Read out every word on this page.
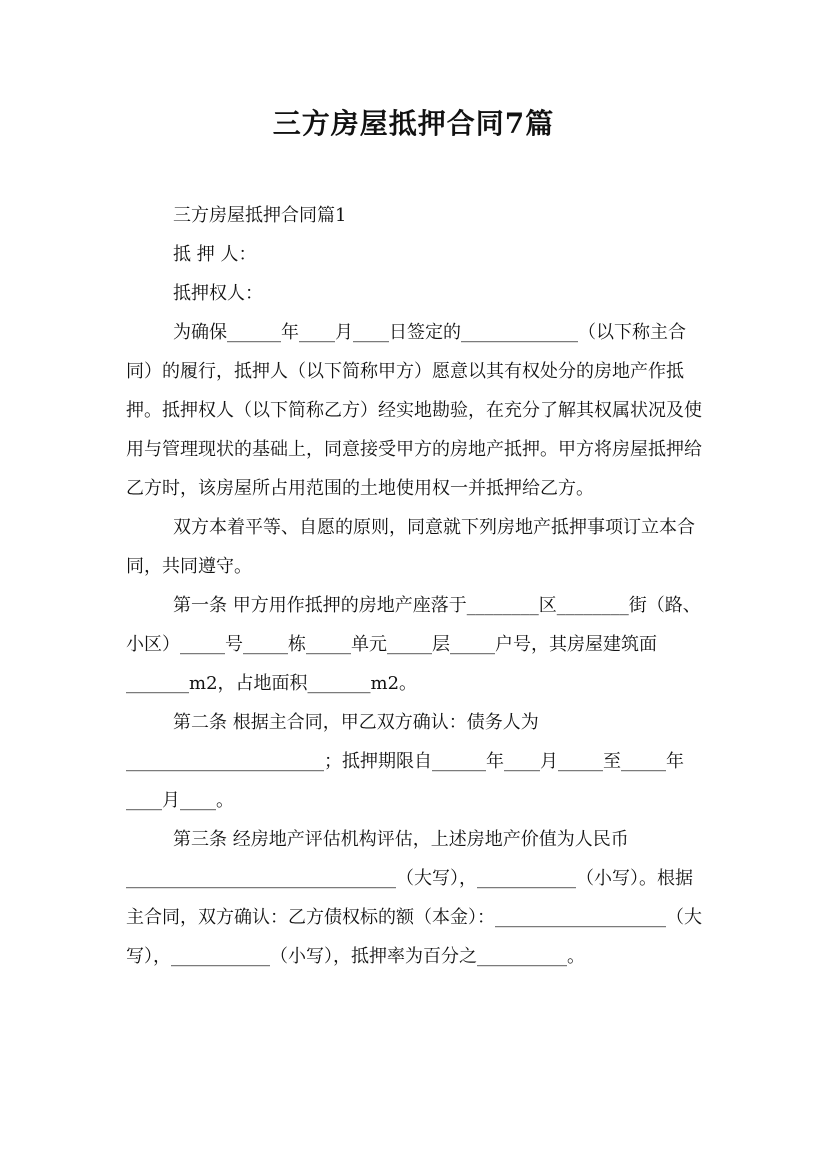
三方房屋抵押合同7篇

三方房屋抵押合同篇1

抵 押 人：

抵押权人：

为确保______年____月____日签定的_____________（以下称主合同）的履行，抵押人（以下简称甲方）愿意以其有权处分的房地产作抵押。抵押权人（以下简称乙方）经实地勘验，在充分了解其权属状况及使用与管理现状的基础上，同意接受甲方的房地产抵押。甲方将房屋抵押给乙方时，该房屋所占用范围的土地使用权一并抵押给乙方。

双方本着平等、自愿的原则，同意就下列房地产抵押事项订立本合同，共同遵守。

第一条 甲方用作抵押的房地产座落于________区________街（路、小区）_____号_____栋_____单元_____层_____户号，其房屋建筑面_______m2，占地面积_______m2。

第二条 根据主合同，甲乙双方确认：债务人为______________________；抵押期限自______年____月_____至_____年____月____。

第三条 经房地产评估机构评估，上述房地产价值为人民币______________________________（大写），___________（小写）。根据主合同，双方确认：乙方债权标的额（本金）：___________________（大写），___________（小写），抵押率为百分之__________。
